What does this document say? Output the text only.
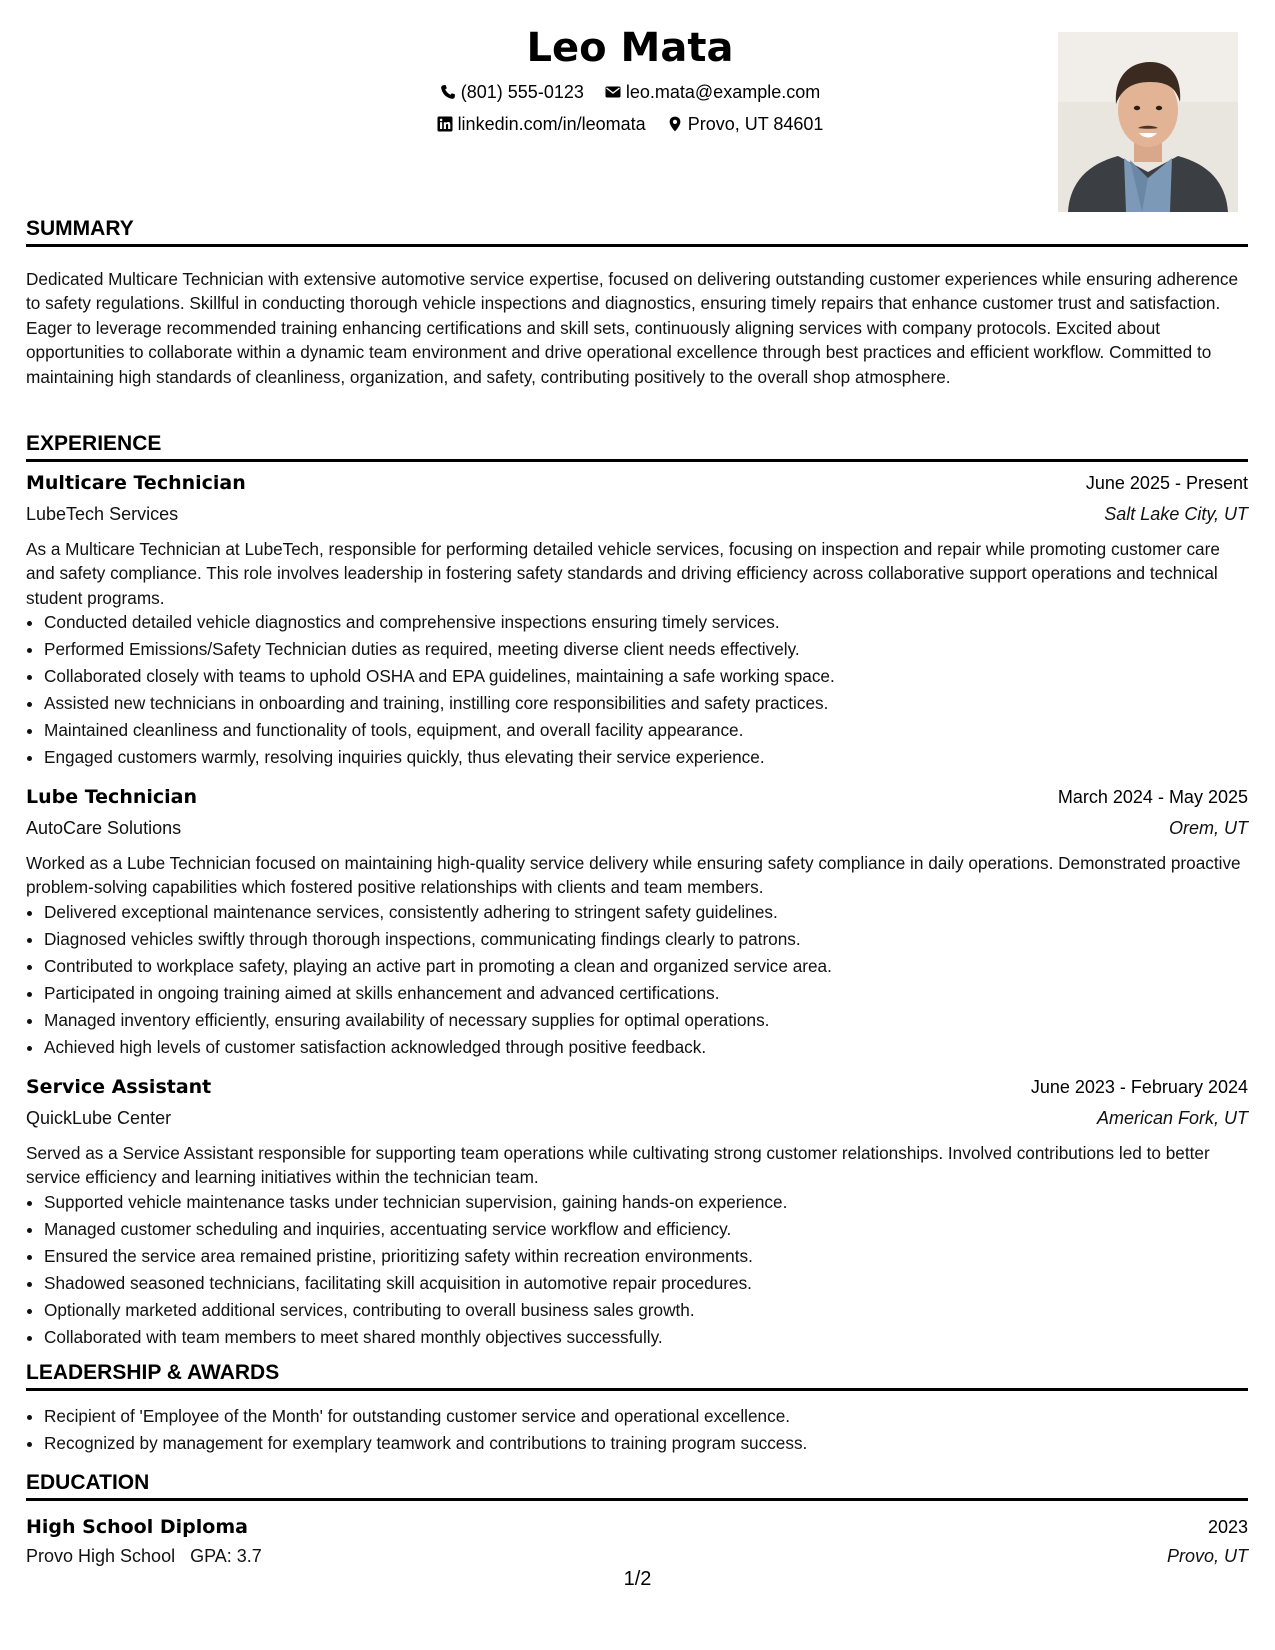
Leo Mata
(801) 555-0123
leo.mata@example.com
linkedin.com/in/leomata
Provo, UT 84601
SUMMARY
Dedicated Multicare Technician with extensive automotive service expertise, focused on delivering outstanding customer experiences while ensuring adherence to safety regulations. Skillful in conducting thorough vehicle inspections and diagnostics, ensuring timely repairs that enhance customer trust and satisfaction. Eager to leverage recommended training enhancing certifications and skill sets, continuously aligning services with company protocols. Excited about opportunities to collaborate within a dynamic team environment and drive operational excellence through best practices and efficient workflow. Committed to maintaining high standards of cleanliness, organization, and safety, contributing positively to the overall shop atmosphere.
EXPERIENCE
Multicare Technician	June 2025 - Present
LubeTech Services	Salt Lake City, UT
As a Multicare Technician at LubeTech, responsible for performing detailed vehicle services, focusing on inspection and repair while promoting customer care and safety compliance. This role involves leadership in fostering safety standards and driving efficiency across collaborative support operations and technical student programs.
• Conducted detailed vehicle diagnostics and comprehensive inspections ensuring timely services.
• Performed Emissions/Safety Technician duties as required, meeting diverse client needs effectively.
• Collaborated closely with teams to uphold OSHA and EPA guidelines, maintaining a safe working space.
• Assisted new technicians in onboarding and training, instilling core responsibilities and safety practices.
• Maintained cleanliness and functionality of tools, equipment, and overall facility appearance.
• Engaged customers warmly, resolving inquiries quickly, thus elevating their service experience.
Lube Technician	March 2024 - May 2025
AutoCare Solutions	Orem, UT
Worked as a Lube Technician focused on maintaining high-quality service delivery while ensuring safety compliance in daily operations. Demonstrated proactive problem-solving capabilities which fostered positive relationships with clients and team members.
• Delivered exceptional maintenance services, consistently adhering to stringent safety guidelines.
• Diagnosed vehicles swiftly through thorough inspections, communicating findings clearly to patrons.
• Contributed to workplace safety, playing an active part in promoting a clean and organized service area.
• Participated in ongoing training aimed at skills enhancement and advanced certifications.
• Managed inventory efficiently, ensuring availability of necessary supplies for optimal operations.
• Achieved high levels of customer satisfaction acknowledged through positive feedback.
Service Assistant	June 2023 - February 2024
QuickLube Center	American Fork, UT
Served as a Service Assistant responsible for supporting team operations while cultivating strong customer relationships. Involved contributions led to better service efficiency and learning initiatives within the technician team.
• Supported vehicle maintenance tasks under technician supervision, gaining hands-on experience.
• Managed customer scheduling and inquiries, accentuating service workflow and efficiency.
• Ensured the service area remained pristine, prioritizing safety within recreation environments.
• Shadowed seasoned technicians, facilitating skill acquisition in automotive repair procedures.
• Optionally marketed additional services, contributing to overall business sales growth.
• Collaborated with team members to meet shared monthly objectives successfully.
LEADERSHIP & AWARDS
• Recipient of 'Employee of the Month' for outstanding customer service and operational excellence.
• Recognized by management for exemplary teamwork and contributions to training program success.
EDUCATION
High School Diploma	2023
Provo High School   GPA: 3.7	Provo, UT
1/2
